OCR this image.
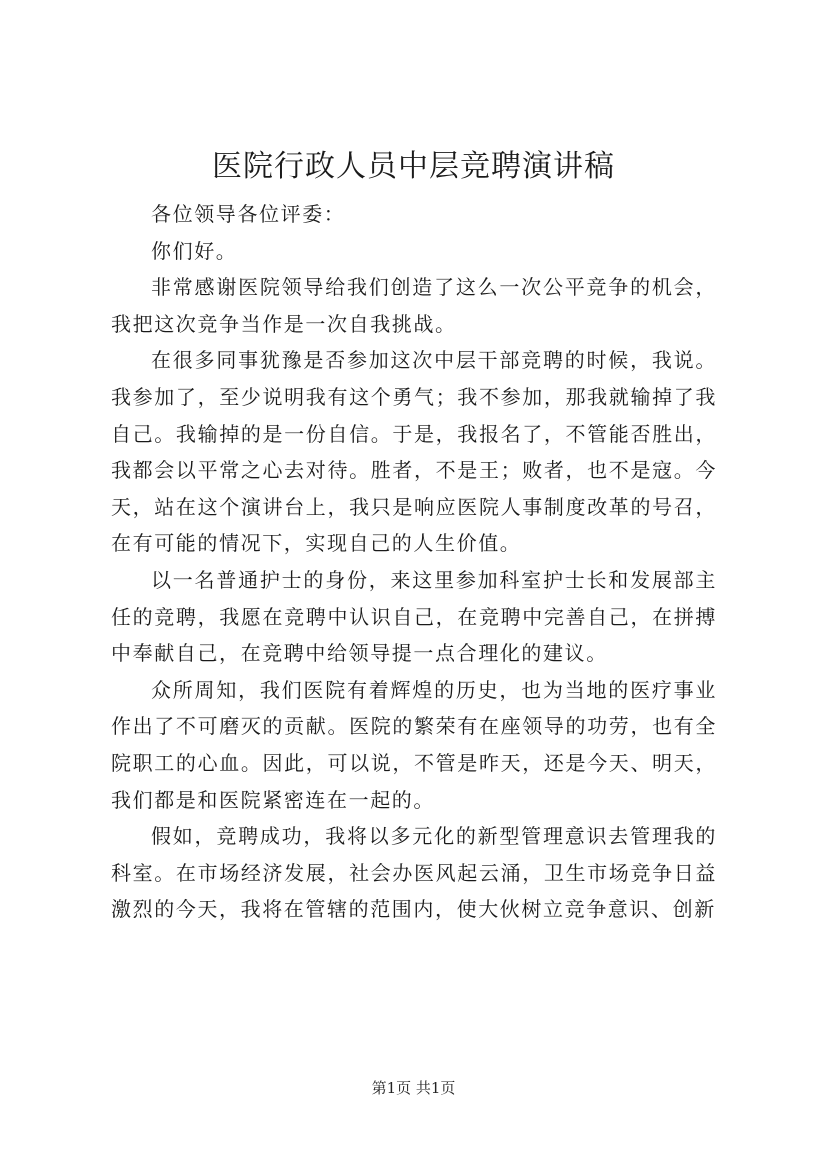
医院行政人员中层竞聘演讲稿

各位领导各位评委：

你们好。

非常感谢医院领导给我们创造了这么一次公平竞争的机会，我把这次竞争当作是一次自我挑战。

在很多同事犹豫是否参加这次中层干部竞聘的时候，我说。我参加了，至少说明我有这个勇气；我不参加，那我就输掉了我自己。我输掉的是一份自信。于是，我报名了，不管能否胜出，我都会以平常之心去对待。胜者，不是王；败者，也不是寇。今天，站在这个演讲台上，我只是响应医院人事制度改革的号召，在有可能的情况下，实现自己的人生价值。

以一名普通护士的身份，来这里参加科室护士长和发展部主任的竞聘，我愿在竞聘中认识自己，在竞聘中完善自己，在拼搏中奉献自己，在竞聘中给领导提一点合理化的建议。

众所周知，我们医院有着辉煌的历史，也为当地的医疗事业作出了不可磨灭的贡献。医院的繁荣有在座领导的功劳，也有全院职工的心血。因此，可以说，不管是昨天，还是今天、明天，我们都是和医院紧密连在一起的。

假如，竞聘成功，我将以多元化的新型管理意识去管理我的科室。在市场经济发展，社会办医风起云涌，卫生市场竞争日益激烈的今天，我将在管辖的范围内，使大伙树立竞争意识、创新

第1页 共1页
